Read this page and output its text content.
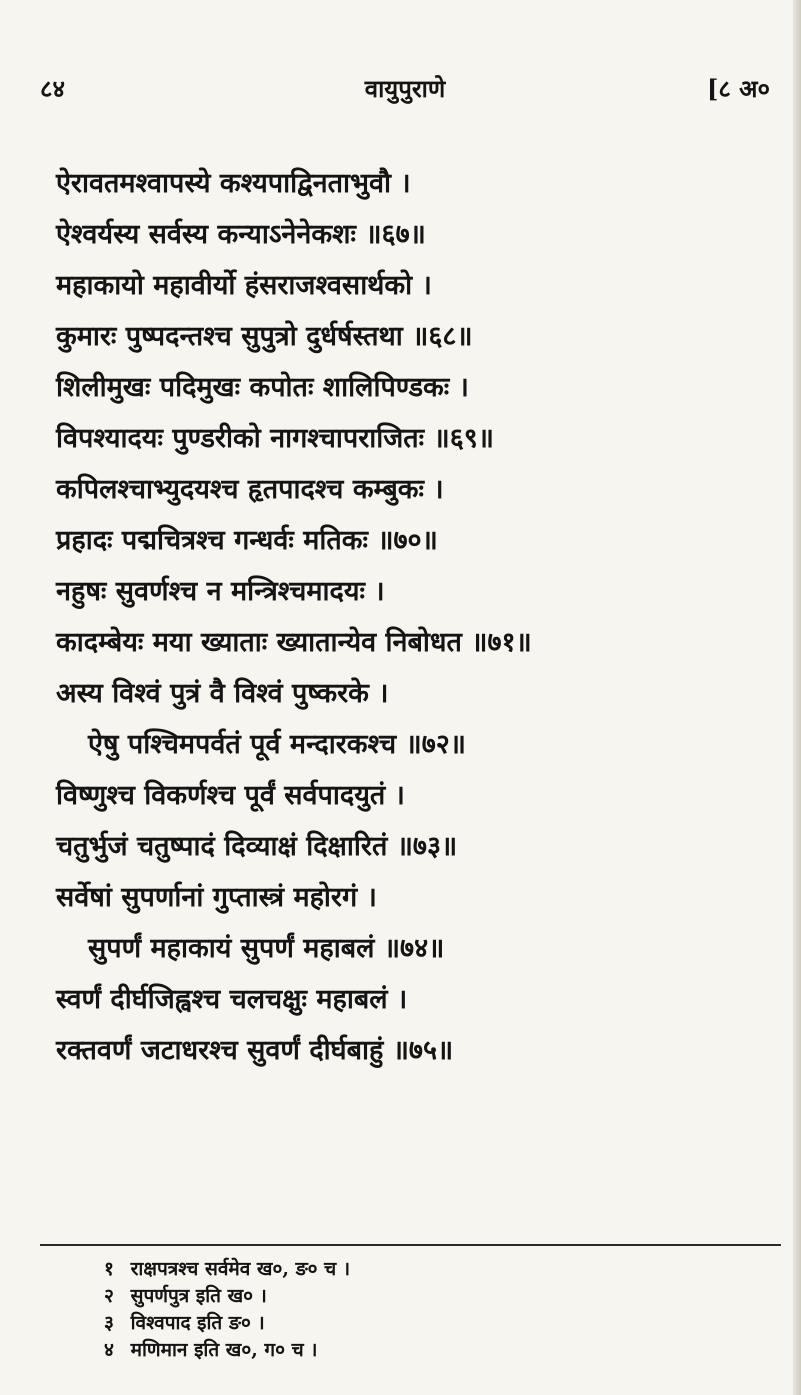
८४	वायुपुराणे	[८ अ०
ऐरावतमश्वापस्ये कश्यपाद्विनताभुवौ ।
ऐश्वर्यस्य सर्वस्य कन्याऽनेनेकशः ॥६७॥
महाकायो महावीर्यो हंसराजश्वसार्थको ।
कुमारः पुष्पदन्तश्च सुपुत्रो दुर्धर्षस्तथा ॥६८॥
शिलीमुखः पदिमुखः कपोतः शालिपिण्डकः ।
विपश्यादयः पुण्डरीको नागश्चापराजितः ॥६९॥
कपिलश्चाभ्युदयश्च हृतपादश्च कम्बुकः ।
प्रहादः पद्मचित्रश्च गन्धर्वः मतिकः ॥७०॥
नहुषः सुवर्णश्च न मन्त्रिश्चमादयः ।
कादम्बेयः मया ख्याताः ख्यातान्येव निबोधत ॥७१॥
अस्य विश्वं पुत्रं वै विश्वं पुष्करके ।
ऐषु पश्चिमपर्वतं पूर्व मन्दारकश्च ॥७२॥
विष्णुश्च विकर्णश्च पूर्वं सर्वपादयुतं ।
चतुर्भुजं चतुष्पादं दिव्याक्षं दिक्षारितं ॥७३॥
सर्वेषां सुपर्णानां गुप्तास्त्रं महोरगं ।
सुपर्णं महाकायं सुपर्णं महाबलं ॥७४॥
स्वर्णं दीर्घजिह्वश्च चलचक्षुः महाबलं ।
रक्तवर्णं जटाधरश्च सुवर्णं दीर्घबाहुं ॥७५॥
१ राक्षपत्रश्च सर्वमेव ख०, ङ० च ।
२ सुपर्णपुत्र इति ख० ।
३ विश्वपाद इति ङ० ।
४ मणिमान इति ख०, ग० च ।
